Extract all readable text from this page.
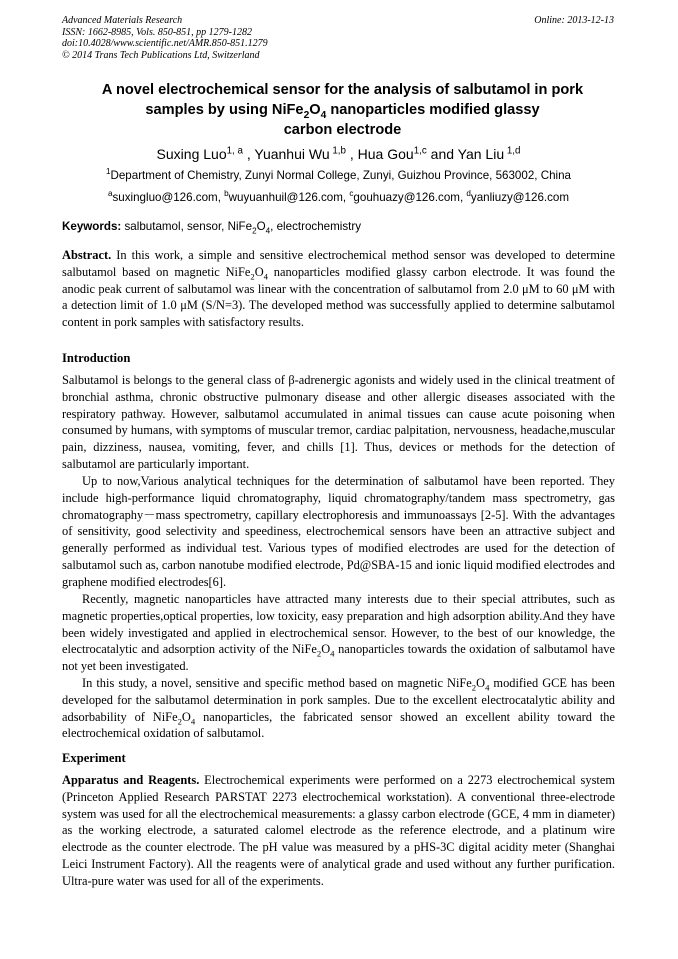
Advanced Materials Research
ISSN: 1662-8985, Vols. 850-851, pp 1279-1282
doi:10.4028/www.scientific.net/AMR.850-851.1279
© 2014 Trans Tech Publications Ltd, Switzerland
Online: 2013-12-13
A novel electrochemical sensor for the analysis of salbutamol in pork
samples by using $NiFe_2O_4$ nanoparticles modified glassy
carbon electrode
Suxing Luo$^{1, a}$ , Yuanhui Wu $^{1,b}$ , Hua Gou$^{1,c}$ and Yan Liu $^{1,d}$
$^1$Department of Chemistry, Zunyi Normal College, Zunyi, Guizhou Province, 563002, China
$^a$suxingluo@126.com, $^b$wuyuanhuil@126.com, $^c$gouhuazy@126.com, $^d$yanliuzy@126.com
Keywords: salbutamol, sensor, $NiFe_2O_4$, electrochemistry
Abstract. In this work, a simple and sensitive electrochemical method sensor was developed to determine salbutamol based on magnetic $NiFe_2O_4$ nanoparticles modified glassy carbon electrode. It was found the anodic peak current of salbutamol was linear with the concentration of salbutamol from 2.0 μM to 60 μM with a detection limit of 1.0 μM (S/N=3). The developed method was successfully applied to determine salbutamol content in pork samples with satisfactory results.
Introduction
Salbutamol is belongs to the general class of β-adrenergic agonists and widely used in the clinical treatment of bronchial asthma, chronic obstructive pulmonary disease and other allergic diseases associated with the respiratory pathway. However, salbutamol accumulated in animal tissues can cause acute poisoning when consumed by humans, with symptoms of muscular tremor, cardiac palpitation, nervousness, headache,muscular pain, dizziness, nausea, vomiting, fever, and chills [1]. Thus, devices or methods for the detection of salbutamol are particularly important.
Up to now,Various analytical techniques for the determination of salbutamol have been reported. They include high-performance liquid chromatography, liquid chromatography/tandem mass spectrometry, gas chromatography－mass spectrometry, capillary electrophoresis and immunoassays [2-5]. With the advantages of sensitivity, good selectivity and speediness, electrochemical sensors have been an attractive subject and generally performed as individual test. Various types of modified electrodes are used for the detection of salbutamol such as, carbon nanotube modified electrode, Pd@SBA-15 and ionic liquid modified electrodes and graphene modified electrodes[6].
Recently, magnetic nanoparticles have attracted many interests due to their special attributes, such as magnetic properties,optical properties, low toxicity, easy preparation and high adsorption ability.And they have been widely investigated and applied in electrochemical sensor. However, to the best of our knowledge, the electrocatalytic and adsorption activity of the $NiFe_2O_4$ nanoparticles towards the oxidation of salbutamol have not yet been investigated.
In this study, a novel, sensitive and specific method based on magnetic $NiFe_2O_4$ modified GCE has been developed for the salbutamol determination in pork samples. Due to the excellent electrocatalytic ability and adsorbability of $NiFe_2O_4$ nanoparticles, the fabricated sensor showed an excellent ability toward the electrochemical oxidation of salbutamol.
Experiment
Apparatus and Reagents. Electrochemical experiments were performed on a 2273 electrochemical system (Princeton Applied Research PARSTAT 2273 electrochemical workstation). A conventional three-electrode system was used for all the electrochemical measurements: a glassy carbon electrode (GCE, 4 mm in diameter) as the working electrode, a saturated calomel electrode as the reference electrode, and a platinum wire electrode as the counter electrode. The pH value was measured by a pHS-3C digital acidity meter (Shanghai Leici Instrument Factory). All the reagents were of analytical grade and used without any further purification. Ultra-pure water was used for all of the experiments.
